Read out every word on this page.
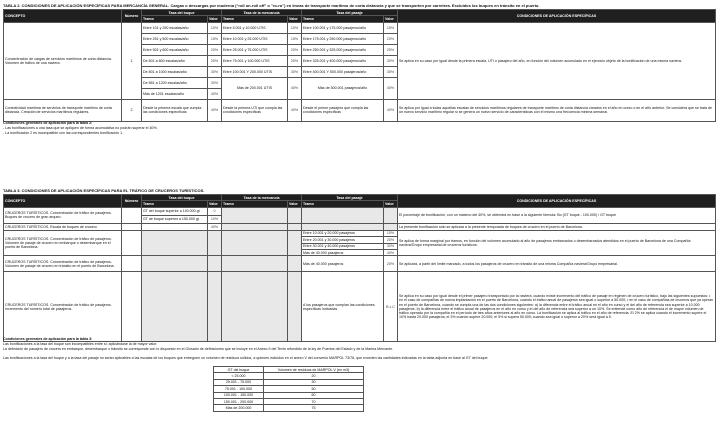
TABLA 2. CONDICIONES DE APLICACIÓN ESPECÍFICAS PARA MERCANCÍA GENERAL. Cargas o descargas por moderna ("roll on-roll off" o "ro-ro") en líneas de transporte marítimo de corta distancia y que se transporten por carretera. Excluidos los buques en tránsito en el puerto.
CONCEPTO	Número	Tasa del buque		Tasa de la mercancía		Tasa del pasaje		CONDICIONES DE APLICACIÓN ESPECÍFICAS
		Tramo	Valor	Tramo	Valor	Tramo	Valor	
Concentración de cargas de servicios marítimos de corta distancia. Volumen de tráfico de una naviera.	1	Entre 101 y 250 escalas/año	10%	Entre 5.001 y 10.000 UTIS	10%	Entre 100.001 y 175.000 pasajeros/año	15%	Se aplica en su caso por igual desde la primera escala, UTI o pasajero del año, en función del volumen acumulado en el ejercicio objeto de la bonificación de una misma naviera.
		Entre 251 y 500 escalas/año	15%	Entre 10.001 y 25.000 UTIS	15%	Entre 175.001 y 250.000 pasajeros/año	20%	
		Entre 501 y 600 escalas/año	20%	Entre 25.001 y 75.000 UTIS	20%	Entre 250.001 y 325.000 pasajeros/año	25%	
		De 601 a 800 escalas/año	25%	Entre 75.001 y 100.000 UTIS	25%	Entre 325.001 y 400.000 pasajeros/año	30%	
		De 801 a 1000 escalas/año	30%	Entre 100.001 Y 200.000 UTIS	30%	Entre 400.001 Y 500.000 pasajeros/año	35%	
		De 851 a 1200 escalas/año	30%	Más de 200.001 UTIS	40%	Más de 500.001 pasajeros/año	40%	
		Más de 1201 escalas/año	40%					
Conectividad marítima de servicios de transporte marítimo de corta distancia. Creación de servicios marítimos regulares.	2	Desde la primera escala que cumpla las condiciones específicas	40%	Desde la primera UTI que cumpla las condiciones específicas	40%	Desde el primer pasajero que cumpla las condiciones específicas	40%	Se aplica por igual a todas aquellas escalas de servicios marítimos regulares de transporte marítimo de corta distancia creados en el año en curso o en el año anterior. Se considera que se trata de un nuevo servicio marítimo regular si se genera un nuevo servicio de características con el mismo una frecuencia mínima semanal.
Condiciones generales de aplicación para la tabla 2:
- Las bonificaciones a una tasa que se apliquen de forma acumulativa no podrán superar el 40%.
- La bonificación 2 es incompatible con las correspondientes bonificación 1.
TABLA 3. CONDICIONES DE APLICACIÓN ESPECÍFICAS PARA EL TRÁFICO DE CRUCEROS TURÍSTICOS.
CONCEPTO	Número	Tasa del buque		Tasa de la mercancía		Tasa del pasaje		CONDICIONES DE APLICACIÓN ESPECÍFICAS
		Tramo	Valor	Tramo	Valor	Tramo	Valor	
CRUCEROS TURÍSTICOS. Concentración de tráfico de pasajeros. Buques de crucero de gran arqueo.		GT del buque superior a 100.000 gt	0					El porcentaje de bonificación, con un máximo del 40%, se obtendrá en base a la siguiente fórmula: Bo (GT buque - 100.000) / GT buque
		GT de buque superior a 150.000 gt	10%					
CRUCEROS TURÍSTICOS. Escala de buques de crucero			40%					La presente bonificación sólo se aplicará a la presente temporada de buques de crucero en el puerto de Barcelona.
CRUCEROS TURÍSTICOS. Concentración de tráfico de pasajeros. Volumen de pasaje de crucero en embarque o desembarque en el puerto de Barcelona.						Entre 10.001 y 20.000 pasajeros	10%	Se aplica de forma marginal por tramos, en función del volumen acumulado al año de pasajeros embarcados o desembarcados atendidos en el puerto de Barcelona de una Compañía naviera/Grupo empresarial de cruceros turísticos.
						Entre 20.001 y 30.000 pasajeros	20%	
						Entre 30.001 y 40.000 pasajeros	30%	
						Más de 40.000 pasajeros	40%	
CRUCEROS TURÍSTICOS. Concentración de tráfico de pasajeros. Volumen de pasaje de crucero en tránsito en el puerto de Barcelona.						Más de 40.000 pasajeros	20%	Se aplicará, a partir del límite marcado, a todos los pasajeros de crucero en tránsito de una misma Compañía naviera/Grupo empresarial.
CRUCEROS TURÍSTICOS. Concentración de tráfico de pasajeros. Incremento del número total de pasajeros.						A los pasajeros que cumplan las condiciones específicas indicadas	B x C	Se aplica en su caso por igual desde el primer pasajero transportado por la naviera, cuando existe incremento del tráfico de pasaje en régimen de crucero turístico, bajo las siguientes supuestos: • en el caso de compañías de nueva implantación en el puerto de Barcelona, cuando el tráfico anual de pasajeros sea igual o superior a 50.000; • en el caso de compañías de cruceros que ya operan en el puerto de Barcelona, cuando se cumpla una de las dos condiciones siguientes: a) la diferencia entre el tráfico anual en el año en curso y el del año de referencia sea superior a 10.000 pasajeros. b) la diferencia entre el tráfico anual de pasajeros en el año en curso y el del año de referencia sea superior a un 10%. Se entiende como año de referencia el de mayor volumen de tráfico operado por la compañía en el período de tres años anteriores al año en curso. La bonificación se aplica al tráfico en el año de referencia. El 2% se aplica cuando el incremento supere el 10% hasta 20.000 pasajeros; el 3% cuando supere 20.000; el 5% si supera 50.000; cuando sea igual o superior a 20% será igual a 5.
Condiciones generales de aplicación para la tabla 3:
Las bonificaciones a la tasa del buque son incompatibles entre sí; aplicándose la de mayor valor.
La definición de pasajero de crucero en embarque, desembarque o tránsito se corresponde con lo dispuesto en el Glosario de definiciones que se incluye en el Anexo II del Texto refundido de la ley de Puertos del Estado y de la Marina Mercante.
Las bonificaciones a la tasa del buque y a la tasa del pasaje no serán aplicables a las escalas de los buques que entreguen un volumen de residuos sólidos, a quienes incluidos en el anexo V del convenio MARPOL 73/78, que exceden las cantidades indicadas en la tabla adjunta en base al GT del buque.
GT del buque	Volumen de residuos de MARPOL V (en m3)
< 25.000	20
25.001 - 75.000	30
75.001 - 100.000	50
100.001 - 150.000	60
150.001 - 200.000	70
Más de 200.000	75
